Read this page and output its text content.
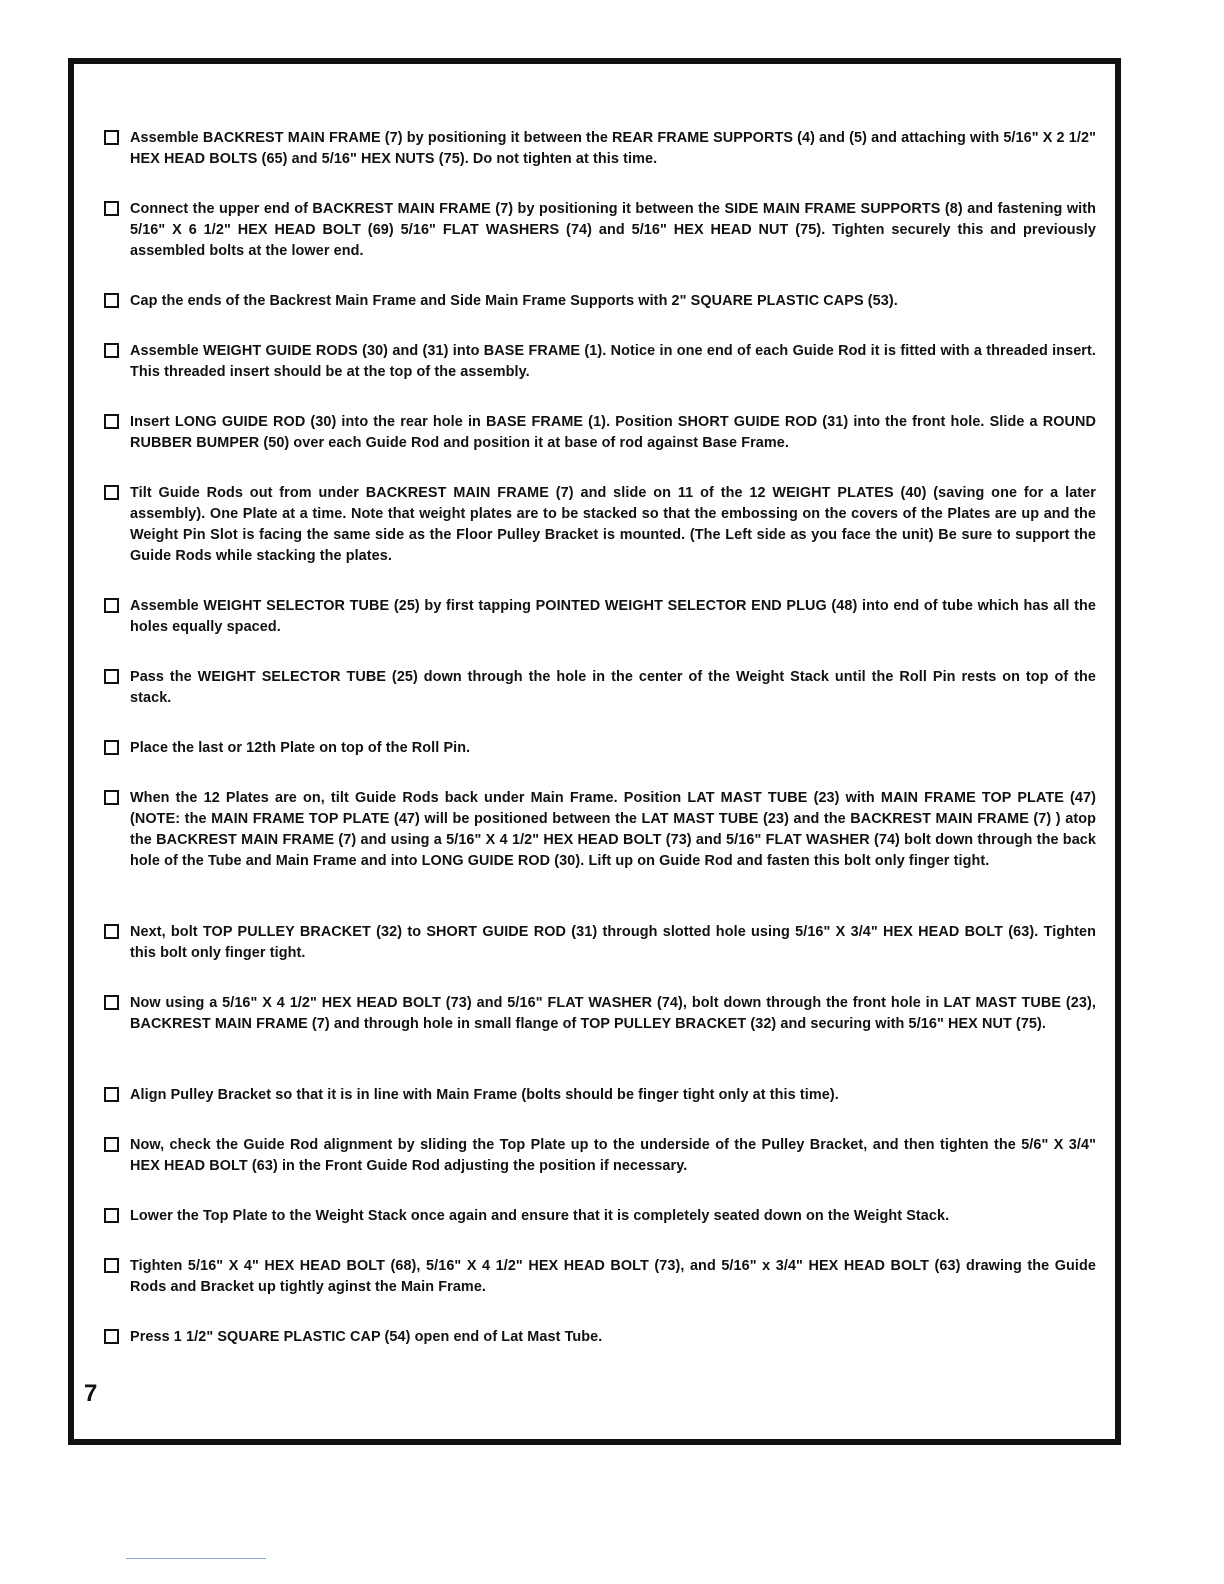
Assemble BACKREST MAIN FRAME (7) by positioning it between the REAR FRAME SUPPORTS (4) and (5) and attaching with 5/16" X 2 1/2" HEX HEAD BOLTS (65) and 5/16" HEX NUTS (75). Do not tighten at this time.
Connect the upper end of BACKREST MAIN FRAME (7) by positioning it between the SIDE MAIN FRAME SUPPORTS (8) and fastening with 5/16" X 6 1/2" HEX HEAD BOLT (69) 5/16" FLAT WASHERS (74) and 5/16" HEX HEAD NUT (75). Tighten securely this and previously assembled bolts at the lower end.
Cap the ends of the Backrest Main Frame and Side Main Frame Supports with 2" SQUARE PLASTIC CAPS (53).
Assemble WEIGHT GUIDE RODS (30) and (31) into BASE FRAME (1). Notice in one end of each Guide Rod it is fitted with a threaded insert. This threaded insert should be at the top of the assembly.
Insert LONG GUIDE ROD (30) into the rear hole in BASE FRAME (1). Position SHORT GUIDE ROD (31) into the front hole. Slide a ROUND RUBBER BUMPER (50) over each Guide Rod and position it at base of rod against Base Frame.
Tilt Guide Rods out from under BACKREST MAIN FRAME (7) and slide on 11 of the 12 WEIGHT PLATES (40) (saving one for a later assembly). One Plate at a time. Note that weight plates are to be stacked so that the embossing on the covers of the Plates are up and the Weight Pin Slot is facing the same side as the Floor Pulley Bracket is mounted. (The Left side as you face the unit) Be sure to support the Guide Rods while stacking the plates.
Assemble WEIGHT SELECTOR TUBE (25) by first tapping POINTED WEIGHT SELECTOR END PLUG (48) into end of tube which has all the holes equally spaced.
Pass the WEIGHT SELECTOR TUBE (25) down through the hole in the center of the Weight Stack until the Roll Pin rests on top of the stack.
Place the last or 12th Plate on top of the Roll Pin.
When the 12 Plates are on, tilt Guide Rods back under Main Frame. Position LAT MAST TUBE (23) with MAIN FRAME TOP PLATE (47) (NOTE: the MAIN FRAME TOP PLATE (47) will be positioned between the LAT MAST TUBE (23) and the BACKREST MAIN FRAME (7) ) atop the BACKREST MAIN FRAME (7) and using a 5/16" X 4 1/2" HEX HEAD BOLT (73) and 5/16" FLAT WASHER (74) bolt down through the back hole of the Tube and Main Frame and into LONG GUIDE ROD (30). Lift up on Guide Rod and fasten this bolt only finger tight.
Next, bolt TOP PULLEY BRACKET (32) to SHORT GUIDE ROD (31) through slotted hole using 5/16" X 3/4" HEX HEAD BOLT (63). Tighten this bolt only finger tight.
Now using a 5/16" X 4 1/2" HEX HEAD BOLT (73) and 5/16" FLAT WASHER (74), bolt down through the front hole in LAT MAST TUBE (23), BACKREST MAIN FRAME (7) and through hole in small flange of TOP PULLEY BRACKET (32) and securing with 5/16" HEX NUT (75).
Align Pulley Bracket so that it is in line with Main Frame (bolts should be finger tight only at this time).
Now, check the Guide Rod alignment by sliding the Top Plate up to the underside of the Pulley Bracket, and then tighten the 5/6" X 3/4" HEX HEAD BOLT (63) in the Front Guide Rod adjusting the position if necessary.
Lower the Top Plate to the Weight Stack once again and ensure that it is completely seated down on the Weight Stack.
Tighten 5/16" X 4" HEX HEAD BOLT (68), 5/16" X 4 1/2" HEX HEAD BOLT (73), and 5/16" x 3/4" HEX HEAD BOLT (63) drawing the Guide Rods and Bracket up tightly aginst the Main Frame.
Press 1 1/2" SQUARE PLASTIC CAP (54) open end of Lat Mast Tube.
7
